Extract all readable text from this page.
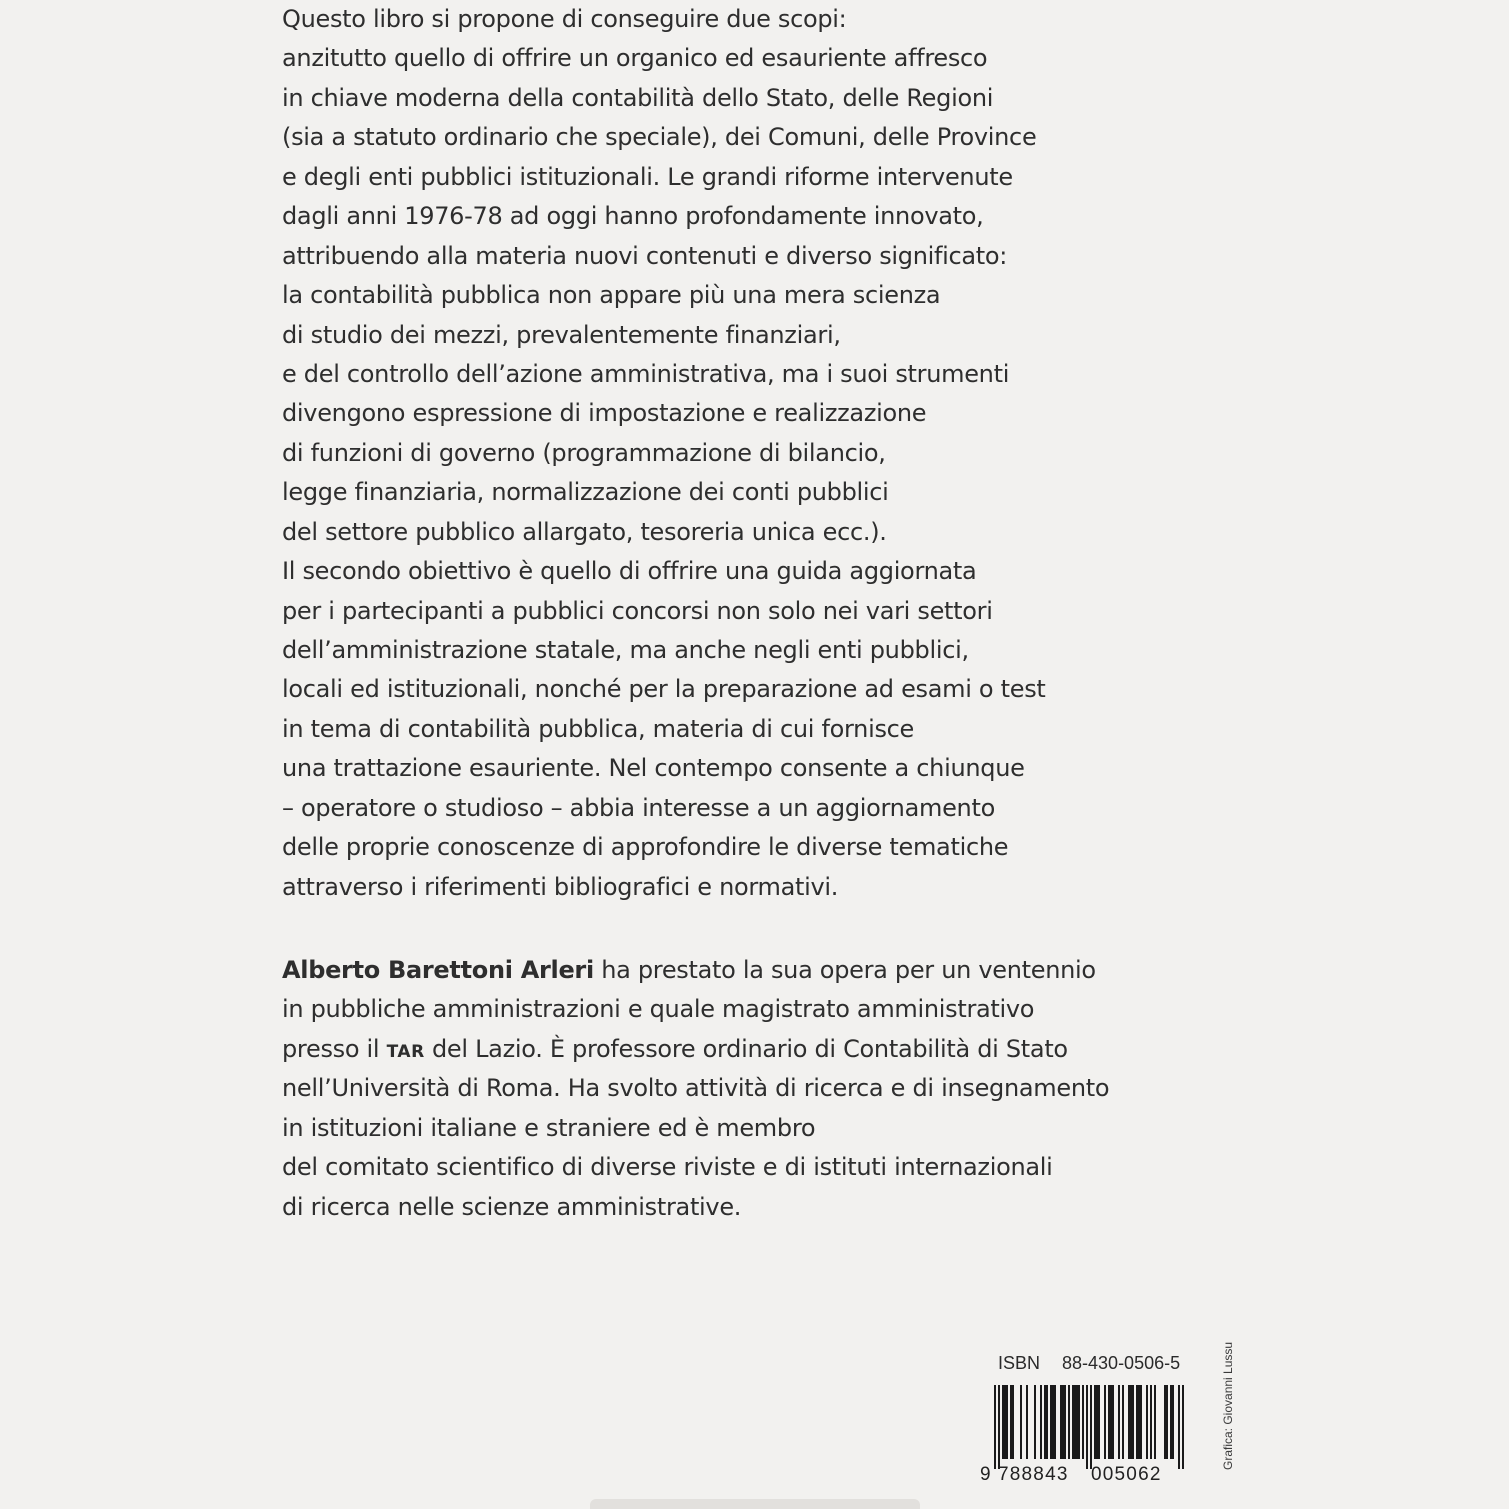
Questo libro si propone di conseguire due scopi:
anzitutto quello di offrire un organico ed esauriente affresco
in chiave moderna della contabilità dello Stato, delle Regioni
(sia a statuto ordinario che speciale), dei Comuni, delle Province
e degli enti pubblici istituzionali. Le grandi riforme intervenute
dagli anni 1976-78 ad oggi hanno profondamente innovato,
attribuendo alla materia nuovi contenuti e diverso significato:
la contabilità pubblica non appare più una mera scienza
di studio dei mezzi, prevalentemente finanziari,
e del controllo dell’azione amministrativa, ma i suoi strumenti
divengono espressione di impostazione e realizzazione
di funzioni di governo (programmazione di bilancio,
legge finanziaria, normalizzazione dei conti pubblici
del settore pubblico allargato, tesoreria unica ecc.).
Il secondo obiettivo è quello di offrire una guida aggiornata
per i partecipanti a pubblici concorsi non solo nei vari settori
dell’amministrazione statale, ma anche negli enti pubblici,
locali ed istituzionali, nonché per la preparazione ad esami o test
in tema di contabilità pubblica, materia di cui fornisce
una trattazione esauriente. Nel contempo consente a chiunque
– operatore o studioso – abbia interesse a un aggiornamento
delle proprie conoscenze di approfondire le diverse tematiche
attraverso i riferimenti bibliografici e normativi.
Alberto Barettoni Arleri ha prestato la sua opera per un ventennio
in pubbliche amministrazioni e quale magistrato amministrativo
presso il TAR del Lazio. È professore ordinario di Contabilità di Stato
nell’Università di Roma. Ha svolto attività di ricerca e di insegnamento
in istituzioni italiane e straniere ed è membro
del comitato scientifico di diverse riviste e di istituti internazionali
di ricerca nelle scienze amministrative.
ISBN 88-430-0506-5
9 788843 005062
Grafica: Giovanni Lussu
